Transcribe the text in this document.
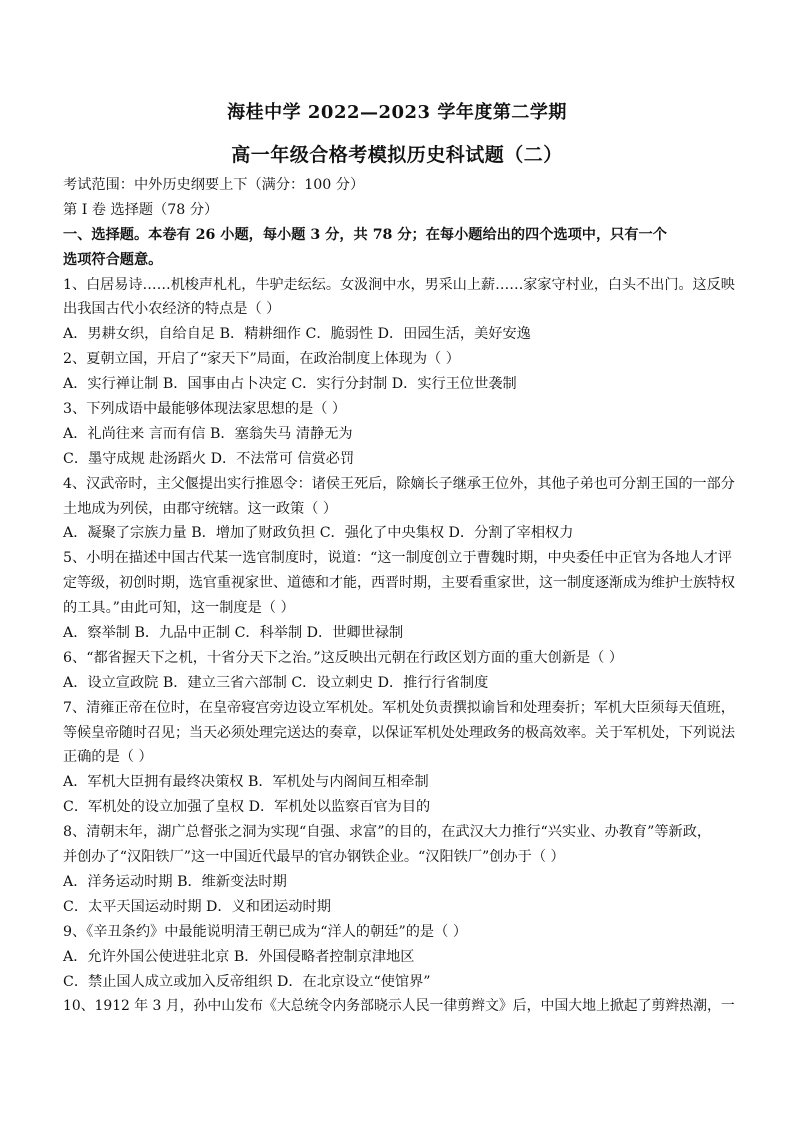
海桂中学 2022—2023 学年度第二学期
高一年级合格考模拟历史科试题（二）
考试范围：中外历史纲要上下（满分：100 分）
第 I 卷 选择题（78 分）
一、选择题。本卷有 26 小题，每小题 3 分，共 78 分；在每小题给出的四个选项中，只有一个
选项符合题意。
1、白居易诗……机梭声札札，牛驴走纭纭。女汲涧中水，男采山上薪……家家守村业，白头不出门。这反映
出我国古代小农经济的特点是（ ）
A．男耕女织，自给自足 B．精耕细作 C．脆弱性 D．田园生活，美好安逸
2、夏朝立国，开启了“家天下”局面，在政治制度上体现为（ ）
A．实行禅让制 B．国事由占卜决定 C．实行分封制 D．实行王位世袭制
3、下列成语中最能够体现法家思想的是（ ）
A．礼尚往来 言而有信 B．塞翁失马 清静无为
C．墨守成规 赴汤蹈火 D．不法常可 信赏必罚
4、汉武帝时，主父偃提出实行推恩令：诸侯王死后，除嫡长子继承王位外，其他子弟也可分割王国的一部分
土地成为列侯，由郡守统辖。这一政策（ ）
A．凝聚了宗族力量 B．增加了财政负担 C．强化了中央集权 D．分割了宰相权力
5、小明在描述中国古代某一选官制度时，说道：“这一制度创立于曹魏时期，中央委任中正官为各地人才评
定等级，初创时期，选官重视家世、道德和才能，西晋时期，主要看重家世，这一制度逐渐成为维护士族特权
的工具。”由此可知，这一制度是（ ）
A．察举制 B．九品中正制 C．科举制 D．世卿世禄制
6、“都省握天下之机，十省分天下之治。”这反映出元朝在行政区划方面的重大创新是（ ）
A．设立宣政院 B．建立三省六部制 C．设立刺史 D．推行行省制度
7、清雍正帝在位时，在皇帝寝宫旁边设立军机处。军机处负责撰拟谕旨和处理奏折；军机大臣须每天值班，
等候皇帝随时召见；当天必须处理完送达的奏章，以保证军机处处理政务的极高效率。关于军机处，下列说法
正确的是（ ）
A．军机大臣拥有最终决策权 B．军机处与内阁间互相牵制
C．军机处的设立加强了皇权 D．军机处以监察百官为目的
8、清朝末年，湖广总督张之洞为实现“自强、求富”的目的，在武汉大力推行“兴实业、办教育”等新政，
并创办了“汉阳铁厂”这一中国近代最早的官办钢铁企业。“汉阳铁厂”创办于（ ）
A．洋务运动时期 B．维新变法时期
C．太平天国运动时期 D．义和团运动时期
9、《辛丑条约》中最能说明清王朝已成为“洋人的朝廷”的是（ ）
A．允许外国公使进驻北京 B．外国侵略者控制京津地区
C．禁止国人成立或加入反帝组织 D．在北京设立“使馆界”
10、1912 年 3 月，孙中山发布《大总统令内务部晓示人民一律剪辫文》后，中国大地上掀起了剪辫热潮，一
